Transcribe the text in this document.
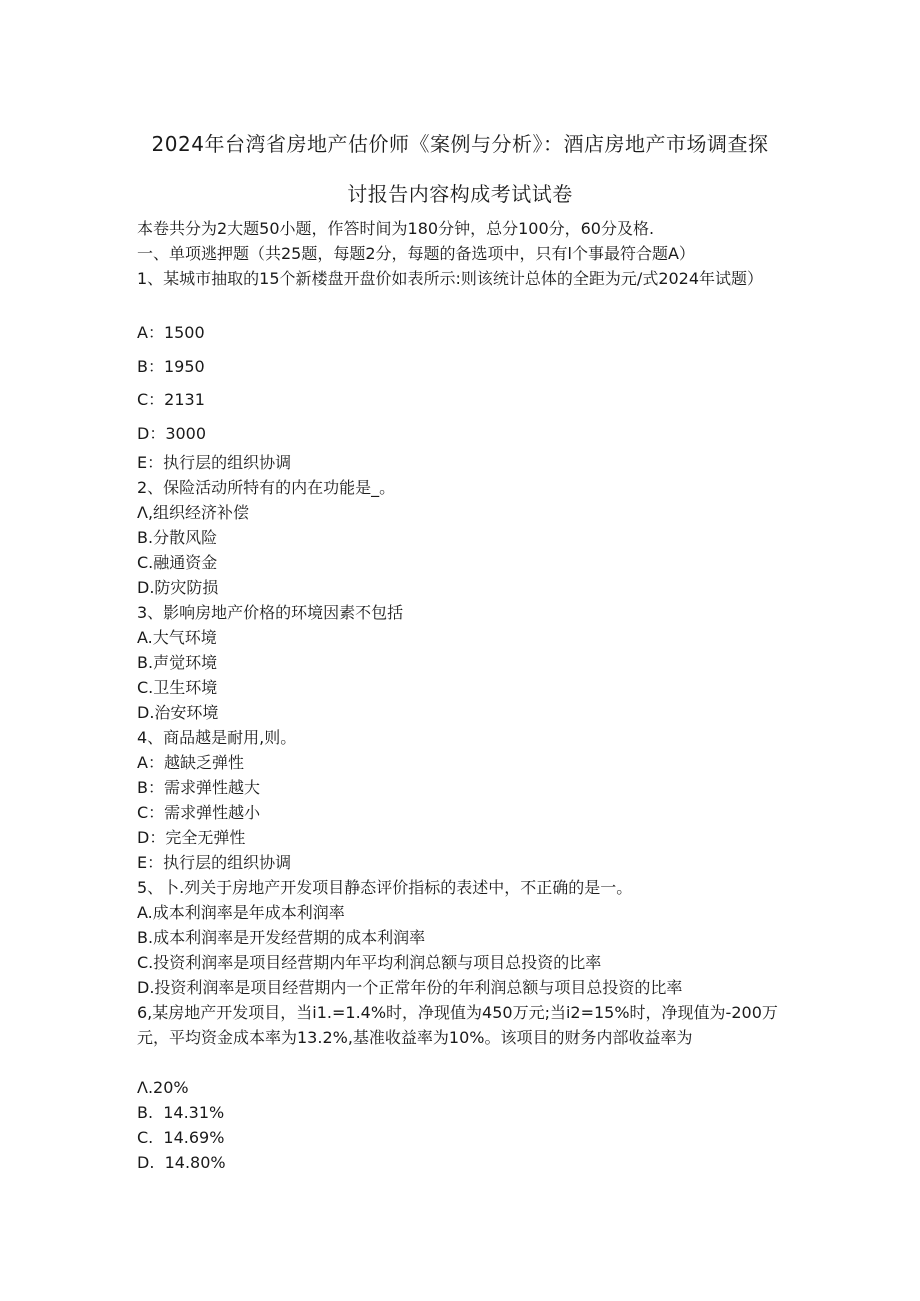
2024年台湾省房地产估价师《案例与分析》：酒店房地产市场调查探
讨报告内容构成考试试卷
本卷共分为2大题50小题，作答时间为180分钟，总分100分，60分及格.
一、单项逃押题（共25题，每题2分，每题的备选项中，只有l个事最符合题A）
1、某城市抽取的15个新楼盘开盘价如表所示:则该统计总体的全距为元/式2024年试题）
A：1500
B：1950
C：2131
D：3000
E：执行层的组织协调
2、保险活动所特有的内在功能是_。
Λ,组织经济补偿
B.分散风险
C.融通资金
D.防灾防损
3、影响房地产价格的环境因素不包括
A.大气环境
B.声觉环境
C.卫生环境
D.治安环境
4、商品越是耐用,则。
A：越缺乏弹性
B：需求弹性越大
C：需求弹性越小
D：完全无弹性
E：执行层的组织协调
5、卜.列关于房地产开发项目静态评价指标的表述中，不正确的是一。
A.成本利润率是年成本利润率
B.成本利润率是开发经营期的成本利润率
C.投资利润率是项目经营期内年平均利润总额与项目总投资的比率
D.投资利润率是项目经营期内一个正常年份的年利润总额与项目总投资的比率
6,某房地产开发项目，当i1.=1.4%时，净现值为450万元;当i2=15%时，净现值为-200万元，平均资金成本率为13.2%,基准收益率为10%。该项目的财务内部收益率为
Λ.20%
B.  14.31%
C.  14.69%
D.  14.80%
